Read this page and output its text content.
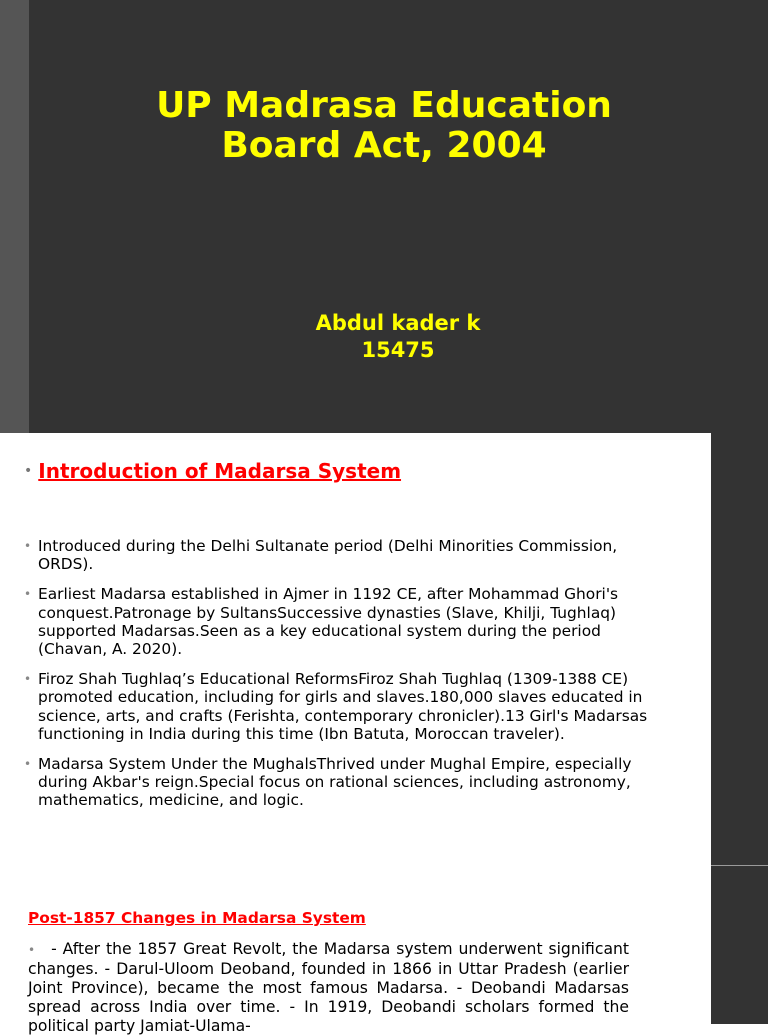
UP Madrasa Education
Board Act, 2004
Abdul kader k
15475
• Introduction of Madarsa System
• Introduced during the Delhi Sultanate period (Delhi Minorities Commission, ORDS).
• Earliest Madarsa established in Ajmer in 1192 CE, after Mohammad Ghori's conquest.Patronage by SultansSuccessive dynasties (Slave, Khilji, Tughlaq) supported Madarsas.Seen as a key educational system during the period (Chavan, A. 2020).
• Firoz Shah Tughlaq’s Educational ReformsFiroz Shah Tughlaq (1309-1388 CE) promoted education, including for girls and slaves.180,000 slaves educated in science, arts, and crafts (Ferishta, contemporary chronicler).13 Girl's Madarsas functioning in India during this time (Ibn Batuta, Moroccan traveler).
• Madarsa System Under the MughalsThrived under Mughal Empire, especially during Akbar's reign.Special focus on rational sciences, including astronomy, mathematics, medicine, and logic.
Post-1857 Changes in Madarsa System
• - After the 1857 Great Revolt, the Madarsa system underwent significant changes. - Darul-Uloom Deoband, founded in 1866 in Uttar Pradesh (earlier Joint Province), became the most famous Madarsa. - Deobandi Madarsas spread across India over time. - In 1919, Deobandi scholars formed the political party Jamiat-Ulama-
